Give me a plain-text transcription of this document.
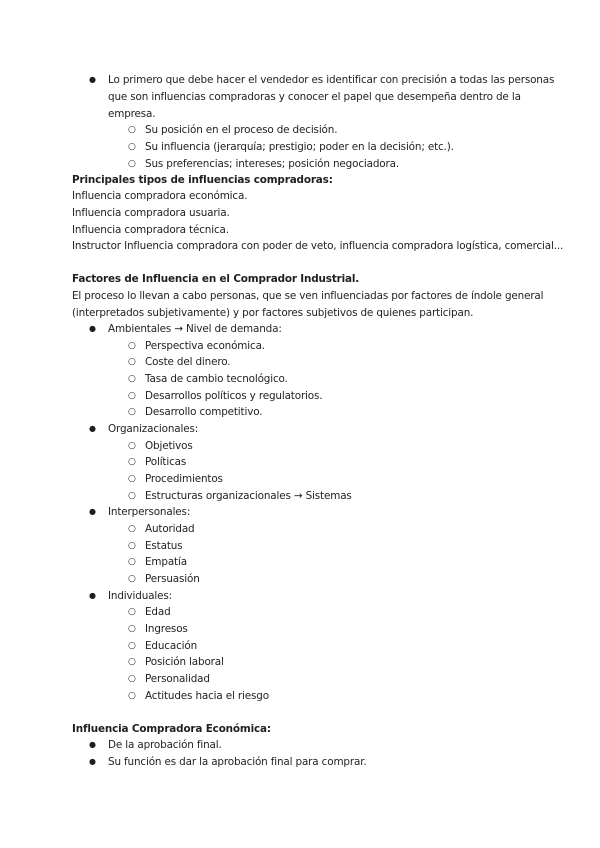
● Lo primero que debe hacer el vendedor es identificar con precisión a todas las personas
que son influencias compradoras y conocer el papel que desempeña dentro de la
empresa.
○ Su posición en el proceso de decisión.
○ Su influencia (jerarquía; prestigio; poder en la decisión; etc.).
○ Sus preferencias; intereses; posición negociadora.
Principales tipos de influencias compradoras:
Influencia compradora económica.
Influencia compradora usuaria.
Influencia compradora técnica.
Instructor Influencia compradora con poder de veto, influencia compradora logística, comercial...
Factores de Influencia en el Comprador Industrial.
El proceso lo llevan a cabo personas, que se ven influenciadas por factores de índole general
(interpretados subjetivamente) y por factores subjetivos de quienes participan.
● Ambientales → Nivel de demanda:
○ Perspectiva económica.
○ Coste del dinero.
○ Tasa de cambio tecnológico.
○ Desarrollos políticos y regulatorios.
○ Desarrollo competitivo.
● Organizacionales:
○ Objetivos
○ Políticas
○ Procedimientos
○ Estructuras organizacionales → Sistemas
● Interpersonales:
○ Autoridad
○ Estatus
○ Empatía
○ Persuasión
● Individuales:
○ Edad
○ Ingresos
○ Educación
○ Posición laboral
○ Personalidad
○ Actitudes hacia el riesgo
Influencia Compradora Económica:
● De la aprobación final.
● Su función es dar la aprobación final para comprar.
